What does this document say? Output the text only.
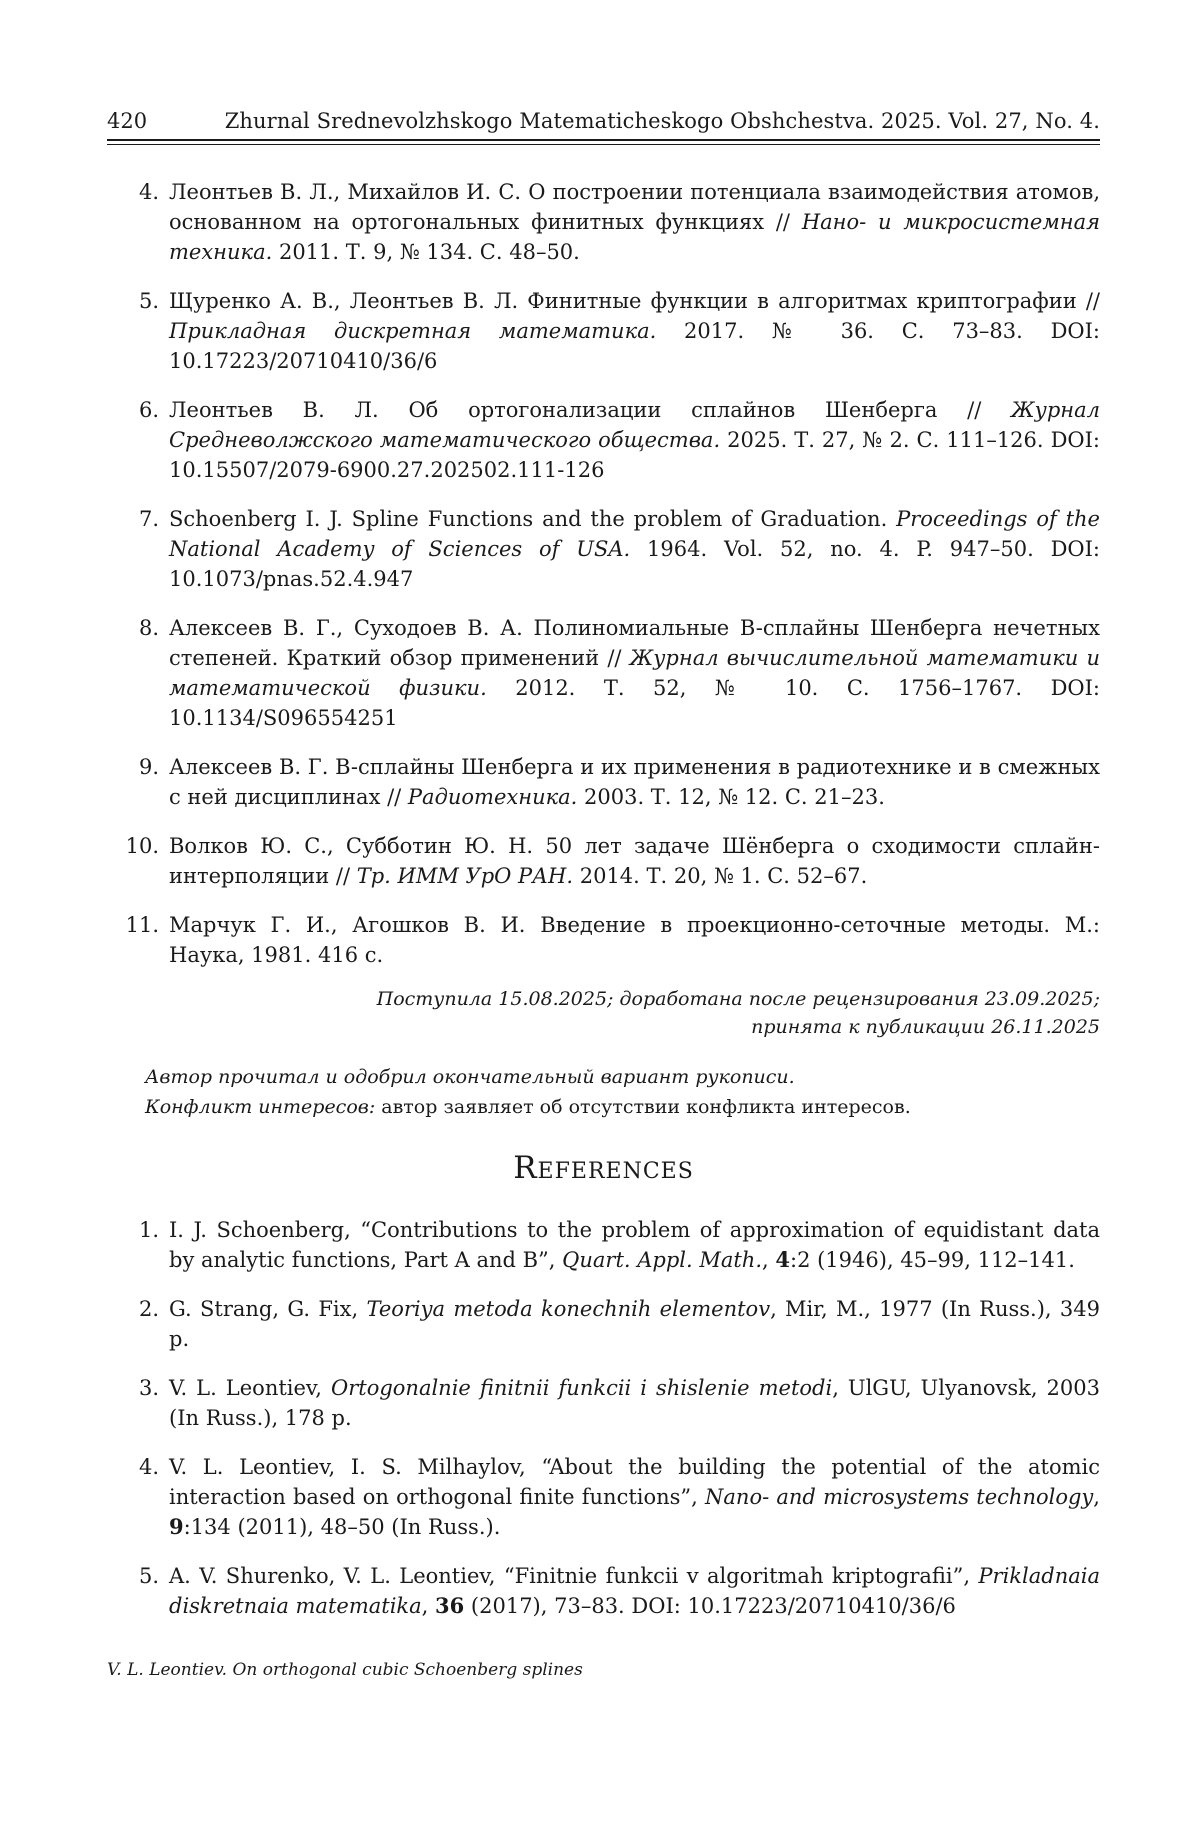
420	Zhurnal Srednevolzhskogo Matematicheskogo Obshchestva. 2025. Vol. 27, No. 4.
4. Леонтьев В. Л., Михайлов И. С. О построении потенциала взаимодействия атомов, основанном на ортогональных финитных функциях // Нано- и микросистемная техника. 2011. Т. 9, № 134. С. 48–50.
5. Щуренко А. В., Леонтьев В. Л. Финитные функции в алгоритмах криптографии // Прикладная дискретная математика. 2017. № 36. С. 73–83. DOI: 10.17223/20710410/36/6
6. Леонтьев В. Л. Об ортогонализации сплайнов Шенберга // Журнал Средневолжского математического общества. 2025. Т. 27, № 2. С. 111–126. DOI: 10.15507/2079-6900.27.202502.111-126
7. Schoenberg I. J. Spline Functions and the problem of Graduation. Proceedings of the National Academy of Sciences of USA. 1964. Vol. 52, no. 4. P. 947–50. DOI: 10.1073/pnas.52.4.947
8. Алексеев В. Г., Суходоев В. А. Полиномиальные B-сплайны Шенберга нечетных степеней. Краткий обзор применений // Журнал вычислительной математики и математической физики. 2012. Т. 52, № 10. С. 1756–1767. DOI: 10.1134/S096554251
9. Алексеев В. Г. B-сплайны Шенберга и их применения в радиотехнике и в смежных с ней дисциплинах // Радиотехника. 2003. Т. 12, № 12. С. 21–23.
10. Волков Ю. С., Субботин Ю. Н. 50 лет задаче Шёнберга о сходимости сплайн-интерполяции // Тр. ИММ УрО РАН. 2014. Т. 20, № 1. С. 52–67.
11. Марчук Г. И., Агошков В. И. Введение в проекционно-сеточные методы. М.: Наука, 1981. 416 с.
Поступила 15.08.2025; доработана после рецензирования 23.09.2025;
принята к публикации 26.11.2025
Автор прочитал и одобрил окончательный вариант рукописи.
Конфликт интересов: автор заявляет об отсутствии конфликта интересов.
References
1. I. J. Schoenberg, “Contributions to the problem of approximation of equidistant data by analytic functions, Part A and B”, Quart. Appl. Math., 4:2 (1946), 45–99, 112–141.
2. G. Strang, G. Fix, Teoriya metoda konechnih elementov, Mir, M., 1977 (In Russ.), 349 p.
3. V. L. Leontiev, Ortogonalnie finitnii funkcii i shislenie metodi, UlGU, Ulyanovsk, 2003 (In Russ.), 178 p.
4. V. L. Leontiev, I. S. Milhaylov, “About the building the potential of the atomic interaction based on orthogonal finite functions”, Nano- and microsystems technology, 9:134 (2011), 48–50 (In Russ.).
5. A. V. Shurenko, V. L. Leontiev, “Finitnie funkcii v algoritmah kriptografii”, Prikladnaia diskretnaia matematika, 36 (2017), 73–83. DOI: 10.17223/20710410/36/6
V. L. Leontiev. On orthogonal cubic Schoenberg splines
